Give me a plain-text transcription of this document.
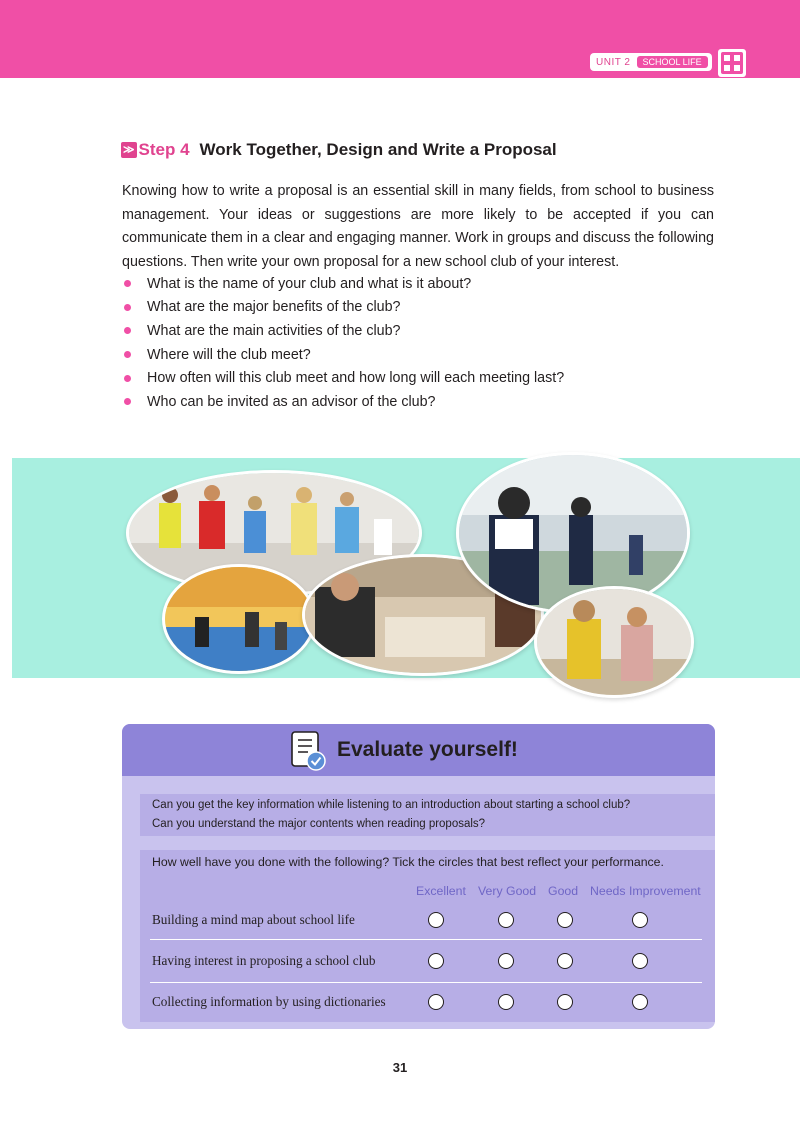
UNIT 2	SCHOOL LIFE
≫ Step 4 Work Together, Design and Write a Proposal

Knowing how to write a proposal is an essential skill in many fields, from school to business management. Your ideas or suggestions are more likely to be accepted if you can communicate them in a clear and engaging manner. Work in groups and discuss the following questions. Then write your own proposal for a new school club of your interest.

What is the name of your club and what is it about?
What are the major benefits of the club?
What are the main activities of the club?
Where will the club meet?
How often will this club meet and how long will each meeting last?
Who can be invited as an advisor of the club?
Evaluate yourself!
Can you get the key information while listening to an introduction about starting a school club?
Can you understand the major contents when reading proposals?
How well have you done with the following? Tick the circles that best reflect your performance.
Excellent Very Good Good Needs Improvement
Building a mind map about school life
Having interest in proposing a school club
Collecting information by using dictionaries
31
